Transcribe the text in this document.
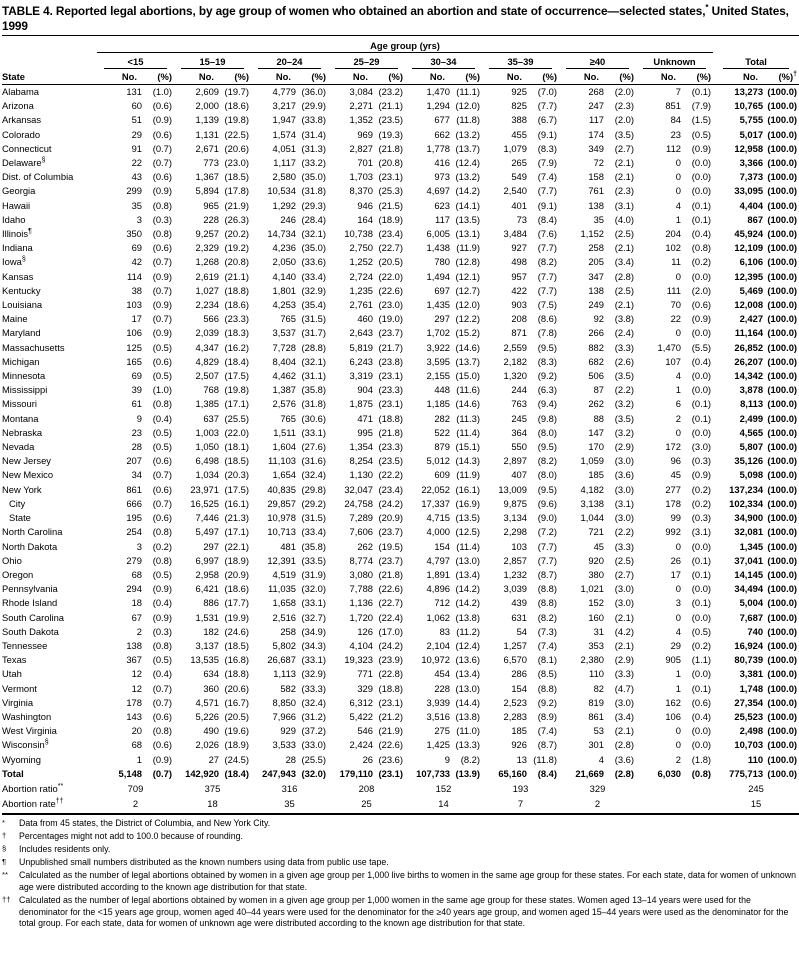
TABLE 4. Reported legal abortions, by age group of women who obtained an abortion and state of occurrence—selected states,* United States, 1999
	Age group (yrs)																	

	<15		15–19		20–24		25–29		30–34		35–39		≥40		Unknown		Total	

State	No.	(%)	No.	(%)	No.	(%)	No.	(%)	No.	(%)	No.	(%)	No.	(%)	No.	(%)	No.	(%)†
Alabama	131	(1.0)	2,609	(19.7)	4,779	(36.0)	3,084	(23.2)	1,470	(11.1)	925	(7.0)	268	(2.0)	7	(0.1)	13,273	(100.0)
Arizona	60	(0.6)	2,000	(18.6)	3,217	(29.9)	2,271	(21.1)	1,294	(12.0)	825	(7.7)	247	(2.3)	851	(7.9)	10,765	(100.0)
Arkansas	51	(0.9)	1,139	(19.8)	1,947	(33.8)	1,352	(23.5)	677	(11.8)	388	(6.7)	117	(2.0)	84	(1.5)	5,755	(100.0)
Colorado	29	(0.6)	1,131	(22.5)	1,574	(31.4)	969	(19.3)	662	(13.2)	455	(9.1)	174	(3.5)	23	(0.5)	5,017	(100.0)
Connecticut	91	(0.7)	2,671	(20.6)	4,051	(31.3)	2,827	(21.8)	1,778	(13.7)	1,079	(8.3)	349	(2.7)	112	(0.9)	12,958	(100.0)
Delaware§	22	(0.7)	773	(23.0)	1,117	(33.2)	701	(20.8)	416	(12.4)	265	(7.9)	72	(2.1)	0	(0.0)	3,366	(100.0)
Dist. of Columbia	43	(0.6)	1,367	(18.5)	2,580	(35.0)	1,703	(23.1)	973	(13.2)	549	(7.4)	158	(2.1)	0	(0.0)	7,373	(100.0)
Georgia	299	(0.9)	5,894	(17.8)	10,534	(31.8)	8,370	(25.3)	4,697	(14.2)	2,540	(7.7)	761	(2.3)	0	(0.0)	33,095	(100.0)
Hawaii	35	(0.8)	965	(21.9)	1,292	(29.3)	946	(21.5)	623	(14.1)	401	(9.1)	138	(3.1)	4	(0.1)	4,404	(100.0)
Idaho	3	(0.3)	228	(26.3)	246	(28.4)	164	(18.9)	117	(13.5)	73	(8.4)	35	(4.0)	1	(0.1)	867	(100.0)
Illinois¶	350	(0.8)	9,257	(20.2)	14,734	(32.1)	10,738	(23.4)	6,005	(13.1)	3,484	(7.6)	1,152	(2.5)	204	(0.4)	45,924	(100.0)
Indiana	69	(0.6)	2,329	(19.2)	4,236	(35.0)	2,750	(22.7)	1,438	(11.9)	927	(7.7)	258	(2.1)	102	(0.8)	12,109	(100.0)
Iowa§	42	(0.7)	1,268	(20.8)	2,050	(33.6)	1,252	(20.5)	780	(12.8)	498	(8.2)	205	(3.4)	11	(0.2)	6,106	(100.0)
Kansas	114	(0.9)	2,619	(21.1)	4,140	(33.4)	2,724	(22.0)	1,494	(12.1)	957	(7.7)	347	(2.8)	0	(0.0)	12,395	(100.0)
Kentucky	38	(0.7)	1,027	(18.8)	1,801	(32.9)	1,235	(22.6)	697	(12.7)	422	(7.7)	138	(2.5)	111	(2.0)	5,469	(100.0)
Louisiana	103	(0.9)	2,234	(18.6)	4,253	(35.4)	2,761	(23.0)	1,435	(12.0)	903	(7.5)	249	(2.1)	70	(0.6)	12,008	(100.0)
Maine	17	(0.7)	566	(23.3)	765	(31.5)	460	(19.0)	297	(12.2)	208	(8.6)	92	(3.8)	22	(0.9)	2,427	(100.0)
Maryland	106	(0.9)	2,039	(18.3)	3,537	(31.7)	2,643	(23.7)	1,702	(15.2)	871	(7.8)	266	(2.4)	0	(0.0)	11,164	(100.0)
Massachusetts	125	(0.5)	4,347	(16.2)	7,728	(28.8)	5,819	(21.7)	3,922	(14.6)	2,559	(9.5)	882	(3.3)	1,470	(5.5)	26,852	(100.0)
Michigan	165	(0.6)	4,829	(18.4)	8,404	(32.1)	6,243	(23.8)	3,595	(13.7)	2,182	(8.3)	682	(2.6)	107	(0.4)	26,207	(100.0)
Minnesota	69	(0.5)	2,507	(17.5)	4,462	(31.1)	3,319	(23.1)	2,155	(15.0)	1,320	(9.2)	506	(3.5)	4	(0.0)	14,342	(100.0)
Mississippi	39	(1.0)	768	(19.8)	1,387	(35.8)	904	(23.3)	448	(11.6)	244	(6.3)	87	(2.2)	1	(0.0)	3,878	(100.0)
Missouri	61	(0.8)	1,385	(17.1)	2,576	(31.8)	1,875	(23.1)	1,185	(14.6)	763	(9.4)	262	(3.2)	6	(0.1)	8,113	(100.0)
Montana	9	(0.4)	637	(25.5)	765	(30.6)	471	(18.8)	282	(11.3)	245	(9.8)	88	(3.5)	2	(0.1)	2,499	(100.0)
Nebraska	23	(0.5)	1,003	(22.0)	1,511	(33.1)	995	(21.8)	522	(11.4)	364	(8.0)	147	(3.2)	0	(0.0)	4,565	(100.0)
Nevada	28	(0.5)	1,050	(18.1)	1,604	(27.6)	1,354	(23.3)	879	(15.1)	550	(9.5)	170	(2.9)	172	(3.0)	5,807	(100.0)
New Jersey	207	(0.6)	6,498	(18.5)	11,103	(31.6)	8,254	(23.5)	5,012	(14.3)	2,897	(8.2)	1,059	(3.0)	96	(0.3)	35,126	(100.0)
New Mexico	34	(0.7)	1,034	(20.3)	1,654	(32.4)	1,130	(22.2)	609	(11.9)	407	(8.0)	185	(3.6)	45	(0.9)	5,098	(100.0)
New York	861	(0.6)	23,971	(17.5)	40,835	(29.8)	32,047	(23.4)	22,052	(16.1)	13,009	(9.5)	4,182	(3.0)	277	(0.2)	137,234	(100.0)
City	666	(0.7)	16,525	(16.1)	29,857	(29.2)	24,758	(24.2)	17,337	(16.9)	9,875	(9.6)	3,138	(3.1)	178	(0.2)	102,334	(100.0)
State	195	(0.6)	7,446	(21.3)	10,978	(31.5)	7,289	(20.9)	4,715	(13.5)	3,134	(9.0)	1,044	(3.0)	99	(0.3)	34,900	(100.0)
North Carolina	254	(0.8)	5,497	(17.1)	10,713	(33.4)	7,606	(23.7)	4,000	(12.5)	2,298	(7.2)	721	(2.2)	992	(3.1)	32,081	(100.0)
North Dakota	3	(0.2)	297	(22.1)	481	(35.8)	262	(19.5)	154	(11.4)	103	(7.7)	45	(3.3)	0	(0.0)	1,345	(100.0)
Ohio	279	(0.8)	6,997	(18.9)	12,391	(33.5)	8,774	(23.7)	4,797	(13.0)	2,857	(7.7)	920	(2.5)	26	(0.1)	37,041	(100.0)
Oregon	68	(0.5)	2,958	(20.9)	4,519	(31.9)	3,080	(21.8)	1,891	(13.4)	1,232	(8.7)	380	(2.7)	17	(0.1)	14,145	(100.0)
Pennsylvania	294	(0.9)	6,421	(18.6)	11,035	(32.0)	7,788	(22.6)	4,896	(14.2)	3,039	(8.8)	1,021	(3.0)	0	(0.0)	34,494	(100.0)
Rhode Island	18	(0.4)	886	(17.7)	1,658	(33.1)	1,136	(22.7)	712	(14.2)	439	(8.8)	152	(3.0)	3	(0.1)	5,004	(100.0)
South Carolina	67	(0.9)	1,531	(19.9)	2,516	(32.7)	1,720	(22.4)	1,062	(13.8)	631	(8.2)	160	(2.1)	0	(0.0)	7,687	(100.0)
South Dakota	2	(0.3)	182	(24.6)	258	(34.9)	126	(17.0)	83	(11.2)	54	(7.3)	31	(4.2)	4	(0.5)	740	(100.0)
Tennessee	138	(0.8)	3,137	(18.5)	5,802	(34.3)	4,104	(24.2)	2,104	(12.4)	1,257	(7.4)	353	(2.1)	29	(0.2)	16,924	(100.0)
Texas	367	(0.5)	13,535	(16.8)	26,687	(33.1)	19,323	(23.9)	10,972	(13.6)	6,570	(8.1)	2,380	(2.9)	905	(1.1)	80,739	(100.0)
Utah	12	(0.4)	634	(18.8)	1,113	(32.9)	771	(22.8)	454	(13.4)	286	(8.5)	110	(3.3)	1	(0.0)	3,381	(100.0)
Vermont	12	(0.7)	360	(20.6)	582	(33.3)	329	(18.8)	228	(13.0)	154	(8.8)	82	(4.7)	1	(0.1)	1,748	(100.0)
Virginia	178	(0.7)	4,571	(16.7)	8,850	(32.4)	6,312	(23.1)	3,939	(14.4)	2,523	(9.2)	819	(3.0)	162	(0.6)	27,354	(100.0)
Washington	143	(0.6)	5,226	(20.5)	7,966	(31.2)	5,422	(21.2)	3,516	(13.8)	2,283	(8.9)	861	(3.4)	106	(0.4)	25,523	(100.0)
West Virginia	20	(0.8)	490	(19.6)	929	(37.2)	546	(21.9)	275	(11.0)	185	(7.4)	53	(2.1)	0	(0.0)	2,498	(100.0)
Wisconsin§	68	(0.6)	2,026	(18.9)	3,533	(33.0)	2,424	(22.6)	1,425	(13.3)	926	(8.7)	301	(2.8)	0	(0.0)	10,703	(100.0)
Wyoming	1	(0.9)	27	(24.5)	28	(25.5)	26	(23.6)	9	(8.2)	13	(11.8)	4	(3.6)	2	(1.8)	110	(100.0)
Total	5,148	(0.7)	142,920	(18.4)	247,943	(32.0)	179,110	(23.1)	107,733	(13.9)	65,160	(8.4)	21,669	(2.8)	6,030	(0.8)	775,713	(100.0)
Abortion ratio**	709		375		316		208		152		193		329				245	
Abortion rate††	2		18		35		25		14		7		2				15	
*	Data from 45 states, the District of Columbia, and New York City.
†	Percentages might not add to 100.0 because of rounding.
§	Includes residents only.
¶	Unpublished small numbers distributed as the known numbers using data from public use tape.
**	Calculated as the number of legal abortions obtained by women in a given age group per 1,000 live births to women in the same age group for these states. For each state, data for women of unknown age were distributed according to the known age distribution for that state.
†† Calculated as the number of legal abortions obtained by women in a given age group per 1,000 women in the same age group for these states. Women aged 13–14 years were used for the denominator for the <15 years age group, women aged 40–44 years were used for the denominator for the ≥40 years age group, and women aged 15–44 years were used as the denominator for the total group. For each state, data for women of unknown age were distributed according to the known age distribution for that state.
